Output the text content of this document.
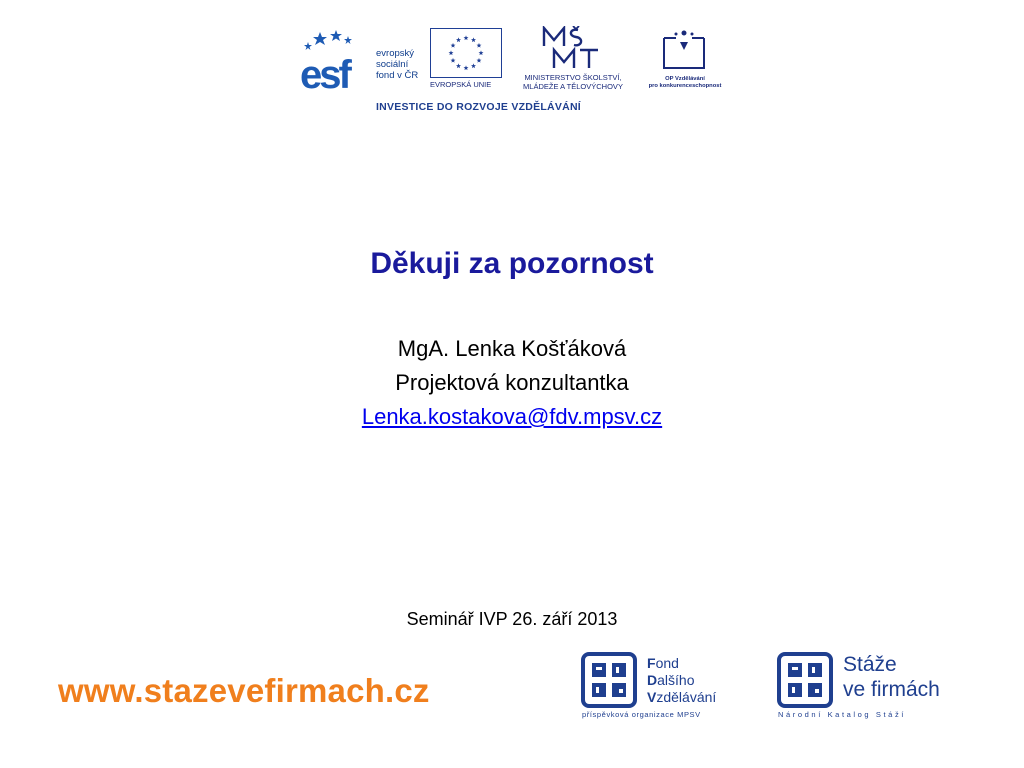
esf	evropský
sociální
fond v ČR
EVROPSKÁ UNIE
MINISTERSTVO ŠKOLSTVÍ,
MLÁDEŽE A TĚLOVÝCHOVY
OP Vzdělávání
pro konkurenceschopnost
INVESTICE DO ROZVOJE VZDĚLÁVÁNÍ
Děkuji za pozornost
MgA. Lenka Košťáková
Projektová konzultantka
Lenka.kostakova@fdv.mpsv.cz
Seminář IVP 26. září 2013
www.stazevefirmach.cz
Fond
Dalšího
Vzdělávání
příspěvková organizace MPSV
Stáže
ve firmách
Národní Katalog Stáží
